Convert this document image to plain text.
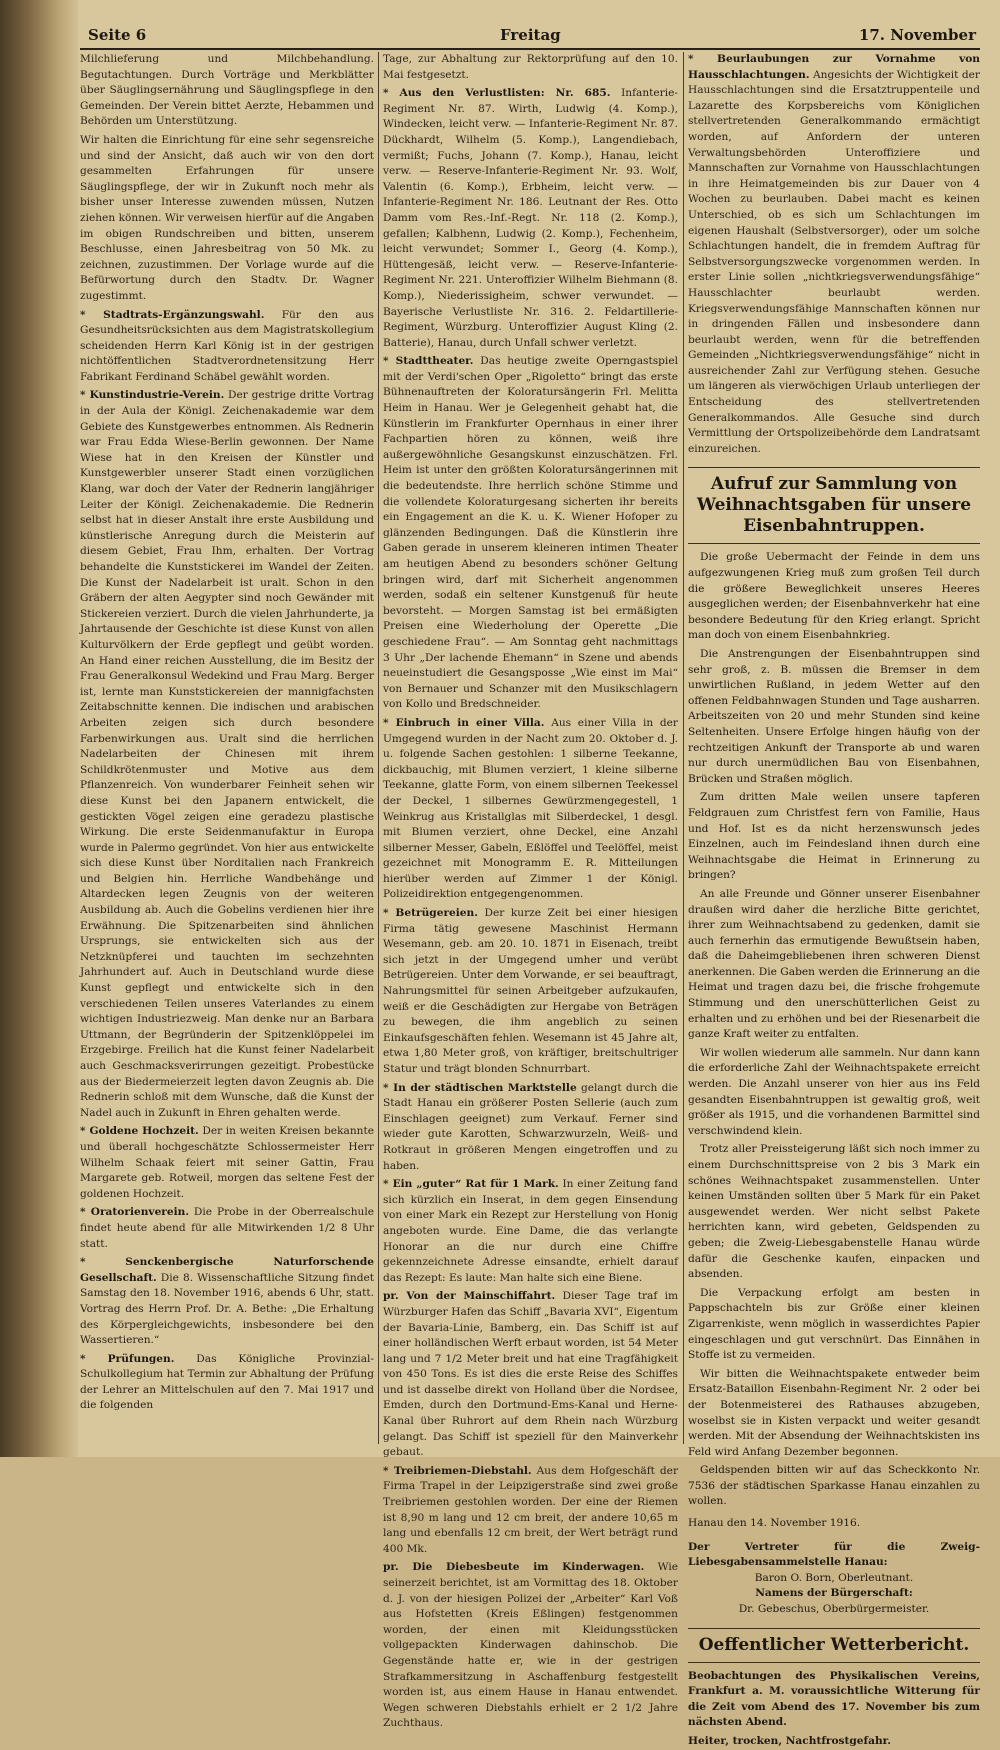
Seite 6	Freitag	17. November
Milchlieferung und Milchbehandlung. Begutachtungen. Durch Vorträge und Merkblätter über Säuglingsernährung und Säuglingspflege in den Gemeinden. Der Verein bittet Aerzte, Hebammen und Behörden um Unterstützung.
Wir halten die Einrichtung für eine sehr segensreiche und sind der Ansicht, daß auch wir von den dort gesammelten Erfahrungen für unsere Säuglingspflege, der wir in Zukunft noch mehr als bisher unser Interesse zuwenden müssen, Nutzen ziehen können. Wir verweisen hierfür auf die Angaben im obigen Rundschreiben und bitten, unserem Beschlusse, einen Jahresbeitrag von 50 Mk. zu zeichnen, zuzustimmen. Der Vorlage wurde auf die Befürwortung durch den Stadtv. Dr. Wagner zugestimmt.
* Stadtrats-Ergänzungswahl. Für den aus Gesundheitsrücksichten aus dem Magistratskollegium scheidenden Herrn Karl König ist in der gestrigen nichtöffentlichen Stadtverordnetensitzung Herr Fabrikant Ferdinand Schäbel gewählt worden.
* Kunstindustrie-Verein. Der gestrige dritte Vortrag in der Aula der Königl. Zeichenakademie war dem Gebiete des Kunstgewerbes entnommen. Als Rednerin war Frau Edda Wiese-Berlin gewonnen. Der Name Wiese hat in den Kreisen der Künstler und Kunstgewerbler unserer Stadt einen vorzüglichen Klang, war doch der Vater der Rednerin langjähriger Leiter der Königl. Zeichenakademie. Die Rednerin selbst hat in dieser Anstalt ihre erste Ausbildung und künstlerische Anregung durch die Meisterin auf diesem Gebiet, Frau Ihm, erhalten. Der Vortrag behandelte die Kunststickerei im Wandel der Zeiten. Die Kunst der Nadelarbeit ist uralt. Schon in den Gräbern der alten Aegypter sind noch Gewänder mit Stickereien verziert. Durch die vielen Jahrhunderte, ja Jahrtausende der Geschichte ist diese Kunst von allen Kulturvölkern der Erde gepflegt und geübt worden. An Hand einer reichen Ausstellung, die im Besitz der Frau Generalkonsul Wedekind und Frau Marg. Berger ist, lernte man Kunststickereien der mannigfachsten Zeitabschnitte kennen. Die indischen und arabischen Arbeiten zeigen sich durch besondere Farbenwirkungen aus. Uralt sind die herrlichen Nadelarbeiten der Chinesen mit ihrem Schildkrötenmuster und Motive aus dem Pflanzenreich. Von wunderbarer Feinheit sehen wir diese Kunst bei den Japanern entwickelt, die gestickten Vögel zeigen eine geradezu plastische Wirkung. Die erste Seidenmanufaktur in Europa wurde in Palermo gegründet. Von hier aus entwickelte sich diese Kunst über Norditalien nach Frankreich und Belgien hin. Herrliche Wandbehänge und Altardecken legen Zeugnis von der weiteren Ausbildung ab. Auch die Gobelins verdienen hier ihre Erwähnung. Die Spitzenarbeiten sind ähnlichen Ursprungs, sie entwickelten sich aus der Netzknüpferei und tauchten im sechzehnten Jahrhundert auf. Auch in Deutschland wurde diese Kunst gepflegt und entwickelte sich in den verschiedenen Teilen unseres Vaterlandes zu einem wichtigen Industriezweig. Man denke nur an Barbara Uttmann, der Begründerin der Spitzenklöppelei im Erzgebirge. Freilich hat die Kunst feiner Nadelarbeit auch Geschmacksverirrungen gezeitigt. Probestücke aus der Biedermeierzeit legten davon Zeugnis ab. Die Rednerin schloß mit dem Wunsche, daß die Kunst der Nadel auch in Zukunft in Ehren gehalten werde.
* Goldene Hochzeit. Der in weiten Kreisen bekannte und überall hochgeschätzte Schlossermeister Herr Wilhelm Schaak feiert mit seiner Gattin, Frau Margarete geb. Rotweil, morgen das seltene Fest der goldenen Hochzeit.
* Oratorienverein. Die Probe in der Oberrealschule findet heute abend für alle Mitwirkenden 1/2 8 Uhr statt.
* Senckenbergische Naturforschende Gesellschaft. Die 8. Wissenschaftliche Sitzung findet Samstag den 18. November 1916, abends 6 Uhr, statt. Vortrag des Herrn Prof. Dr. A. Bethe: „Die Erhaltung des Körpergleichgewichts, insbesondere bei den Wassertieren.“
* Prüfungen. Das Königliche Provinzial-Schulkollegium hat Termin zur Abhaltung der Prüfung der Lehrer an Mittelschulen auf den 7. Mai 1917 und die folgenden
Tage, zur Abhaltung zur Rektorprüfung auf den 10. Mai festgesetzt.
* Aus den Verlustlisten: Nr. 685. Infanterie-Regiment Nr. 87. Wirth, Ludwig (4. Komp.), Windecken, leicht verw. — Infanterie-Regiment Nr. 87. Dückhardt, Wilhelm (5. Komp.), Langendiebach, vermißt; Fuchs, Johann (7. Komp.), Hanau, leicht verw. — Reserve-Infanterie-Regiment Nr. 93. Wolf, Valentin (6. Komp.), Erbheim, leicht verw. — Infanterie-Regiment Nr. 186. Leutnant der Res. Otto Damm vom Res.-Inf.-Regt. Nr. 118 (2. Komp.), gefallen; Kalbhenn, Ludwig (2. Komp.), Fechenheim, leicht verwundet; Sommer I., Georg (4. Komp.), Hüttengesäß, leicht verw. — Reserve-Infanterie-Regiment Nr. 221. Unteroffizier Wilhelm Biehmann (8. Komp.), Niederissigheim, schwer verwundet. — Bayerische Verlustliste Nr. 316. 2. Feldartillerie-Regiment, Würzburg. Unteroffizier August Kling (2. Batterie), Hanau, durch Unfall schwer verletzt.
* Stadttheater. Das heutige zweite Operngastspiel mit der Verdi'schen Oper „Rigoletto“ bringt das erste Bühnenauftreten der Koloratursängerin Frl. Melitta Heim in Hanau. Wer je Gelegenheit gehabt hat, die Künstlerin im Frankfurter Opernhaus in einer ihrer Fachpartien hören zu können, weiß ihre außergewöhnliche Gesangskunst einzuschätzen. Frl. Heim ist unter den größten Koloratursängerinnen mit die bedeutendste. Ihre herrlich schöne Stimme und die vollendete Koloraturgesang sicherten ihr bereits ein Engagement an die K. u. K. Wiener Hofoper zu glänzenden Bedingungen. Daß die Künstlerin ihre Gaben gerade in unserem kleineren intimen Theater am heutigen Abend zu besonders schöner Geltung bringen wird, darf mit Sicherheit angenommen werden, sodaß ein seltener Kunstgenuß für heute bevorsteht. — Morgen Samstag ist bei ermäßigten Preisen eine Wiederholung der Operette „Die geschiedene Frau“. — Am Sonntag geht nachmittags 3 Uhr „Der lachende Ehemann“ in Szene und abends neueinstudiert die Gesangsposse „Wie einst im Mai“ von Bernauer und Schanzer mit den Musikschlagern von Kollo und Bredschneider.
* Einbruch in einer Villa. Aus einer Villa in der Umgegend wurden in der Nacht zum 20. Oktober d. J. u. folgende Sachen gestohlen: 1 silberne Teekanne, dickbauchig, mit Blumen verziert, 1 kleine silberne Teekanne, glatte Form, von einem silbernen Teekessel der Deckel, 1 silbernes Gewürzmengegestell, 1 Weinkrug aus Kristallglas mit Silberdeckel, 1 desgl. mit Blumen verziert, ohne Deckel, eine Anzahl silberner Messer, Gabeln, Eßlöffel und Teelöffel, meist gezeichnet mit Monogramm E. R. Mitteilungen hierüber werden auf Zimmer 1 der Königl. Polizeidirektion entgegengenommen.
* Betrügereien. Der kurze Zeit bei einer hiesigen Firma tätig gewesene Maschinist Hermann Wesemann, geb. am 20. 10. 1871 in Eisenach, treibt sich jetzt in der Umgegend umher und verübt Betrügereien. Unter dem Vorwande, er sei beauftragt, Nahrungsmittel für seinen Arbeitgeber aufzukaufen, weiß er die Geschädigten zur Hergabe von Beträgen zu bewegen, die ihm angeblich zu seinen Einkaufsgeschäften fehlen. Wesemann ist 45 Jahre alt, etwa 1,80 Meter groß, von kräftiger, breitschultriger Statur und trägt blonden Schnurrbart.
* In der städtischen Marktstelle gelangt durch die Stadt Hanau ein größerer Posten Sellerie (auch zum Einschlagen geeignet) zum Verkauf. Ferner sind wieder gute Karotten, Schwarzwurzeln, Weiß- und Rotkraut in größeren Mengen eingetroffen und zu haben.
* Ein „guter“ Rat für 1 Mark. In einer Zeitung fand sich kürzlich ein Inserat, in dem gegen Einsendung von einer Mark ein Rezept zur Herstellung von Honig angeboten wurde. Eine Dame, die das verlangte Honorar an die nur durch eine Chiffre gekennzeichnete Adresse einsandte, erhielt darauf das Rezept: Es laute: Man halte sich eine Biene.
pr. Von der Mainschiffahrt. Dieser Tage traf im Würzburger Hafen das Schiff „Bavaria XVI“, Eigentum der Bavaria-Linie, Bamberg, ein. Das Schiff ist auf einer holländischen Werft erbaut worden, ist 54 Meter lang und 7 1/2 Meter breit und hat eine Tragfähigkeit von 450 Tons. Es ist dies die erste Reise des Schiffes und ist dasselbe direkt von Holland über die Nordsee, Emden, durch den Dortmund-Ems-Kanal und Herne-Kanal über Ruhrort auf dem Rhein nach Würzburg gelangt. Das Schiff ist speziell für den Mainverkehr gebaut.
* Treibriemen-Diebstahl. Aus dem Hofgeschäft der Firma Trapel in der Leipzigerstraße sind zwei große Treibriemen gestohlen worden. Der eine der Riemen ist 8,90 m lang und 12 cm breit, der andere 10,65 m lang und ebenfalls 12 cm breit, der Wert beträgt rund 400 Mk.
pr. Die Diebesbeute im Kinderwagen. Wie seinerzeit berichtet, ist am Vormittag des 18. Oktober d. J. von der hiesigen Polizei der „Arbeiter“ Karl Voß aus Hofstetten (Kreis Eßlingen) festgenommen worden, der einen mit Kleidungsstücken vollgepackten Kinderwagen dahinschob. Die Gegenstände hatte er, wie in der gestrigen Strafkammersitzung in Aschaffenburg festgestellt worden ist, aus einem Hause in Hanau entwendet. Wegen schweren Diebstahls erhielt er 2 1/2 Jahre Zuchthaus.
* Beurlaubungen zur Vornahme von Hausschlachtungen. Angesichts der Wichtigkeit der Hausschlachtungen sind die Ersatztruppenteile und Lazarette des Korpsbereichs vom Königlichen stellvertretenden Generalkommando ermächtigt worden, auf Anfordern der unteren Verwaltungsbehörden Unteroffiziere und Mannschaften zur Vornahme von Hausschlachtungen in ihre Heimatgemeinden bis zur Dauer von 4 Wochen zu beurlauben. Dabei macht es keinen Unterschied, ob es sich um Schlachtungen im eigenen Haushalt (Selbstversorger), oder um solche Schlachtungen handelt, die in fremdem Auftrag für Selbstversorgungszwecke vorgenommen werden. In erster Linie sollen „nichtkriegsverwendungsfähige“ Hausschlachter beurlaubt werden. Kriegsverwendungsfähige Mannschaften können nur in dringenden Fällen und insbesondere dann beurlaubt werden, wenn für die betreffenden Gemeinden „Nichtkriegsverwendungsfähige“ nicht in ausreichender Zahl zur Verfügung stehen. Gesuche um längeren als vierwöchigen Urlaub unterliegen der Entscheidung des stellvertretenden Generalkommandos. Alle Gesuche sind durch Vermittlung der Ortspolizeibehörde dem Landratsamt einzureichen.
Aufruf zur Sammlung von Weihnachtsgaben für unsere Eisenbahntruppen.
Die große Uebermacht der Feinde in dem uns aufgezwungenen Krieg muß zum großen Teil durch die größere Beweglichkeit unseres Heeres ausgeglichen werden; der Eisenbahnverkehr hat eine besondere Bedeutung für den Krieg erlangt. Spricht man doch von einem Eisenbahnkrieg.
Die Anstrengungen der Eisenbahntruppen sind sehr groß, z. B. müssen die Bremser in dem unwirtlichen Rußland, in jedem Wetter auf den offenen Feldbahnwagen Stunden und Tage ausharren. Arbeitszeiten von 20 und mehr Stunden sind keine Seltenheiten. Unsere Erfolge hingen häufig von der rechtzeitigen Ankunft der Transporte ab und waren nur durch unermüdlichen Bau von Eisenbahnen, Brücken und Straßen möglich.
Zum dritten Male weilen unsere tapferen Feldgrauen zum Christfest fern von Familie, Haus und Hof. Ist es da nicht herzenswunsch jedes Einzelnen, auch im Feindesland ihnen durch eine Weihnachtsgabe die Heimat in Erinnerung zu bringen?
An alle Freunde und Gönner unserer Eisenbahner draußen wird daher die herzliche Bitte gerichtet, ihrer zum Weihnachtsabend zu gedenken, damit sie auch fernerhin das ermutigende Bewußtsein haben, daß die Daheimgebliebenen ihren schweren Dienst anerkennen. Die Gaben werden die Erinnerung an die Heimat und tragen dazu bei, die frische frohgemute Stimmung und den unerschütterlichen Geist zu erhalten und zu erhöhen und bei der Riesenarbeit die ganze Kraft weiter zu entfalten.
Wir wollen wiederum alle sammeln. Nur dann kann die erforderliche Zahl der Weihnachtspakete erreicht werden. Die Anzahl unserer von hier aus ins Feld gesandten Eisenbahntruppen ist gewaltig groß, weit größer als 1915, und die vorhandenen Barmittel sind verschwindend klein.
Trotz aller Preissteigerung läßt sich noch immer zu einem Durchschnittspreise von 2 bis 3 Mark ein schönes Weihnachtspaket zusammenstellen. Unter keinen Umständen sollten über 5 Mark für ein Paket ausgewendet werden. Wer nicht selbst Pakete herrichten kann, wird gebeten, Geldspenden zu geben; die Zweig-Liebesgabenstelle Hanau würde dafür die Geschenke kaufen, einpacken und absenden.
Die Verpackung erfolgt am besten in Pappschachteln bis zur Größe einer kleinen Zigarrenkiste, wenn möglich in wasserdichtes Papier eingeschlagen und gut verschnürt. Das Einnähen in Stoffe ist zu vermeiden.
Wir bitten die Weihnachtspakete entweder beim Ersatz-Bataillon Eisenbahn-Regiment Nr. 2 oder bei der Botenmeisterei des Rathauses abzugeben, woselbst sie in Kisten verpackt und weiter gesandt werden. Mit der Absendung der Weihnachtskisten ins Feld wird Anfang Dezember begonnen.
Geldspenden bitten wir auf das Scheckkonto Nr. 7536 der städtischen Sparkasse Hanau einzahlen zu wollen.
Hanau den 14. November 1916.
Der Vertreter für die Zweig-Liebesgabensammelstelle Hanau:
Baron O. Born, Oberleutnant.
Namens der Bürgerschaft:
Dr. Gebeschus, Oberbürgermeister.
Oeffentlicher Wetterbericht.
Beobachtungen des Physikalischen Vereins, Frankfurt a. M. voraussichtliche Witterung für die Zeit vom Abend des 17. November bis zum nächsten Abend.
Heiter, trocken, Nachtfrostgefahr.
